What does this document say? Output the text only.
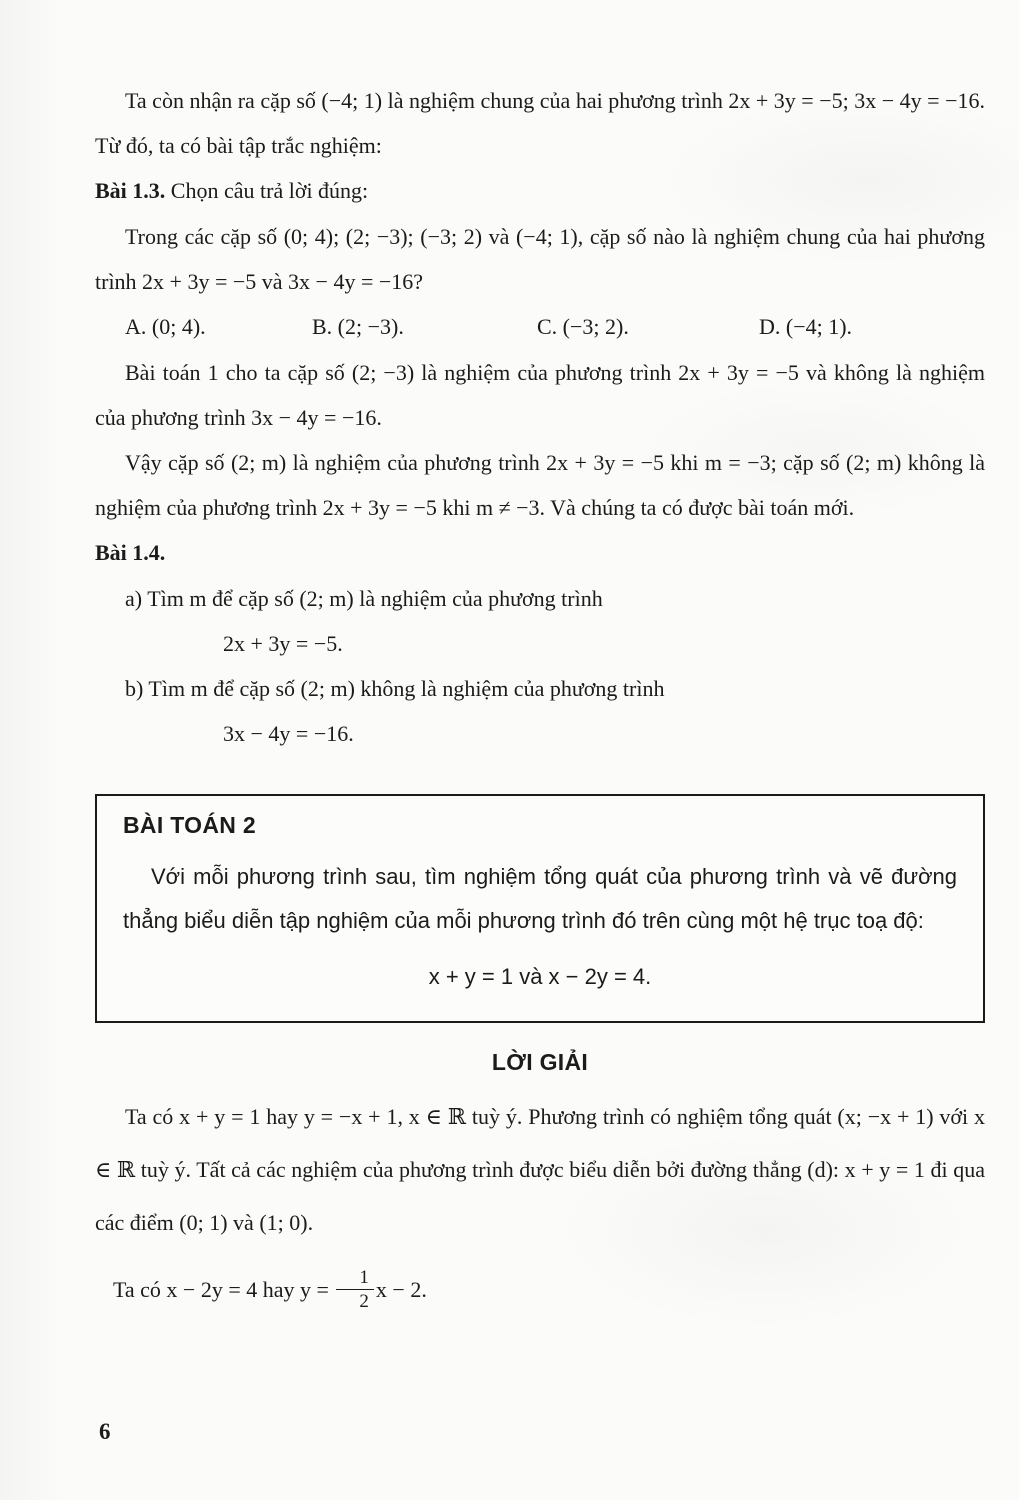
Ta còn nhận ra cặp số (−4; 1) là nghiệm chung của hai phương trình 2x + 3y = −5; 3x − 4y = −16. Từ đó, ta có bài tập trắc nghiệm:

Bài 1.3. Chọn câu trả lời đúng:

Trong các cặp số (0; 4); (2; −3); (−3; 2) và (−4; 1), cặp số nào là nghiệm chung của hai phương trình 2x + 3y = −5 và 3x − 4y = −16?

A. (0; 4).	B. (2; −3).	C. (−3; 2).	D. (−4; 1).

Bài toán 1 cho ta cặp số (2; −3) là nghiệm của phương trình 2x + 3y = −5 và không là nghiệm của phương trình 3x − 4y = −16.

Vậy cặp số (2; m) là nghiệm của phương trình 2x + 3y = −5 khi m = −3; cặp số (2; m) không là nghiệm của phương trình 2x + 3y = −5 khi m ≠ −3. Và chúng ta có được bài toán mới.

Bài 1.4.

a) Tìm m để cặp số (2; m) là nghiệm của phương trình

2x + 3y = −5.

b) Tìm m để cặp số (2; m) không là nghiệm của phương trình

3x − 4y = −16.

BÀI TOÁN 2

Với mỗi phương trình sau, tìm nghiệm tổng quát của phương trình và vẽ đường thẳng biểu diễn tập nghiệm của mỗi phương trình đó trên cùng một hệ trục toạ độ:

x + y = 1 và x − 2y = 4.

LỜI GIẢI

Ta có x + y = 1 hay y = −x + 1, x ∈ ℝ tuỳ ý. Phương trình có nghiệm tổng quát (x; −x + 1) với x ∈ ℝ tuỳ ý. Tất cả các nghiệm của phương trình được biểu diễn bởi đường thẳng (d): x + y = 1 đi qua các điểm (0; 1) và (1; 0).

Ta có x − 2y = 4 hay $y = \frac{1}{2}$ x − 2.

6
